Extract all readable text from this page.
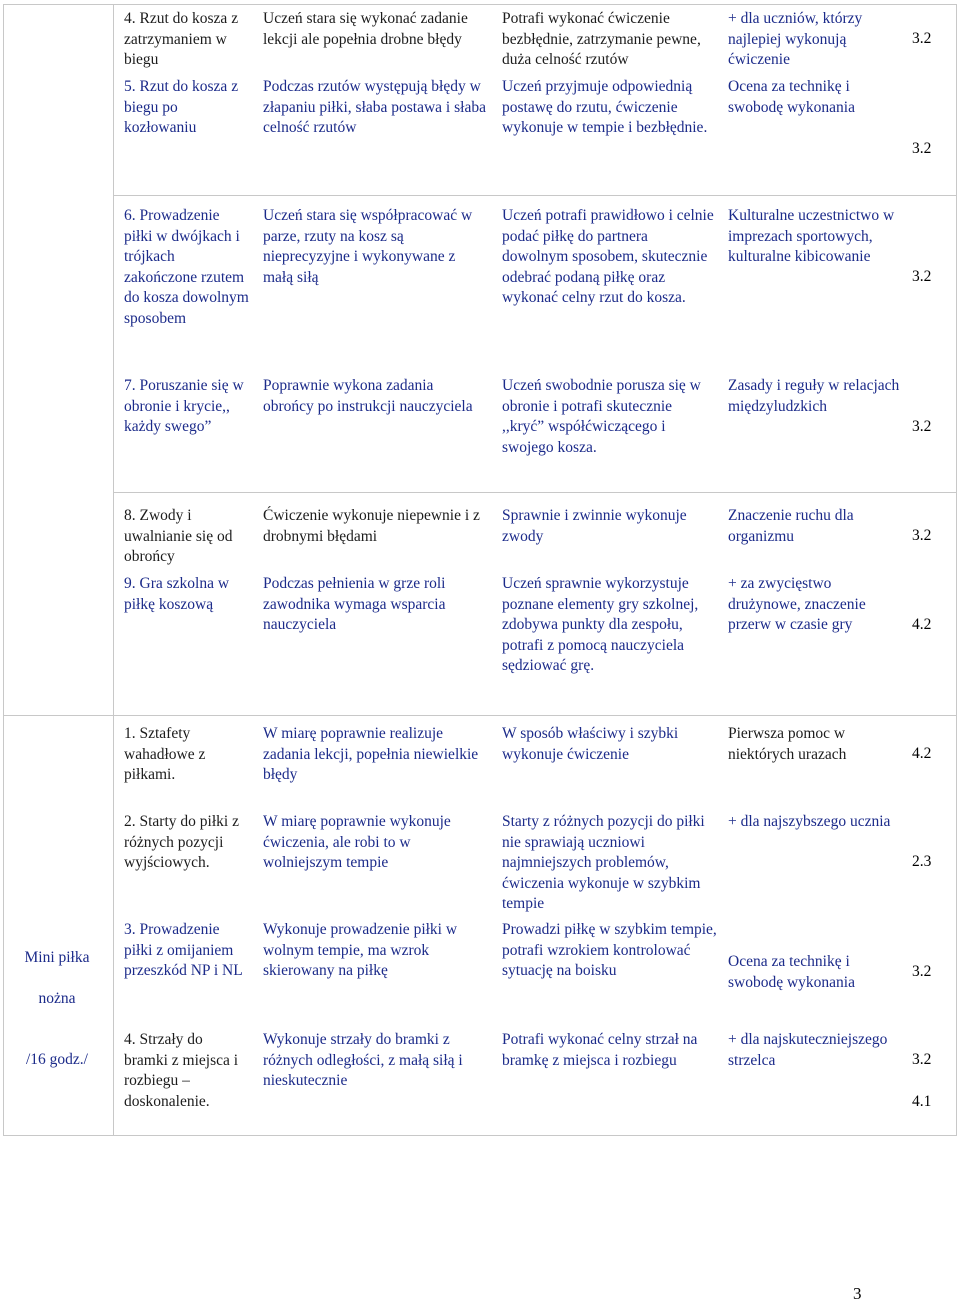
4. Rzut do kosza z zatrzymaniem w biegu
Uczeń stara się wykonać zadanie lekcji ale popełnia drobne błędy
Potrafi wykonać ćwiczenie bezbłędnie, zatrzymanie pewne, duża celność rzutów
+ dla uczniów, którzy najlepiej wykonują ćwiczenie
3.2
5. Rzut do kosza z biegu po kozłowaniu
Podczas rzutów występują błędy w złapaniu piłki, słaba postawa i słaba celność rzutów
Uczeń przyjmuje odpowiednią postawę do rzutu, ćwiczenie wykonuje w tempie i bezbłędnie.
Ocena za technikę i swobodę wykonania
3.2
6. Prowadzenie piłki w dwójkach i trójkach zakończone rzutem do kosza dowolnym sposobem
Uczeń stara się współpracować w parze, rzuty na kosz są nieprecyzyjne i wykonywane z małą siłą
Uczeń potrafi prawidłowo i celnie podać piłkę do partnera dowolnym sposobem, skutecznie odebrać podaną piłkę oraz wykonać celny rzut do kosza.
Kulturalne uczestnictwo w imprezach sportowych, kulturalne kibicowanie
3.2
7. Poruszanie się w obronie i krycie,, każdy swego”
Poprawnie wykona zadania obrońcy po instrukcji nauczyciela
Uczeń swobodnie porusza się w obronie i potrafi skutecznie ,,kryć” współćwiczącego i swojego kosza.
Zasady i reguły w relacjach międzyludzkich
3.2
8. Zwody i uwalnianie się od obrońcy
Ćwiczenie wykonuje niepewnie i z drobnymi błędami
Sprawnie i zwinnie wykonuje zwody
Znaczenie ruchu dla organizmu	3.2
9. Gra szkolna w piłkę koszową
Podczas pełnienia w grze roli zawodnika wymaga wsparcia nauczyciela
Uczeń sprawnie wykorzystuje poznane elementy gry szkolnej, zdobywa punkty dla zespołu, potrafi z pomocą nauczyciela sędziować grę.
+ za zwycięstwo drużynowe, znaczenie przerw w czasie gry	4.2
Mini piłka
nożna
/16 godz./
1. Sztafety wahadłowe z piłkami.
W miarę poprawnie realizuje zadania lekcji, popełnia niewielkie błędy
W sposób właściwy i szybki wykonuje ćwiczenie
Pierwsza pomoc w niektórych urazach	4.2
2. Starty do piłki z różnych pozycji wyjściowych.
W miarę poprawnie wykonuje ćwiczenia, ale robi to w wolniejszym tempie
Starty z różnych pozycji do piłki nie sprawiają uczniowi najmniejszych problemów, ćwiczenia wykonuje w szybkim tempie
+ dla najszybszego ucznia
2.3
3. Prowadzenie piłki z omijaniem przeszkód NP i NL
Wykonuje prowadzenie piłki w wolnym tempie, ma wzrok skierowany na piłkę
Prowadzi piłkę w szybkim tempie, potrafi wzrokiem kontrolować sytuację na boisku
Ocena za technikę i swobodę wykonania
3.2
4. Strzały do bramki z miejsca i rozbiegu – doskonalenie.
Wykonuje strzały do bramki z różnych odległości, z małą siłą i nieskutecznie
Potrafi wykonać celny strzał na bramkę z miejsca i rozbiegu
+ dla najskuteczniejszego strzelca	3.2
4.1
3
